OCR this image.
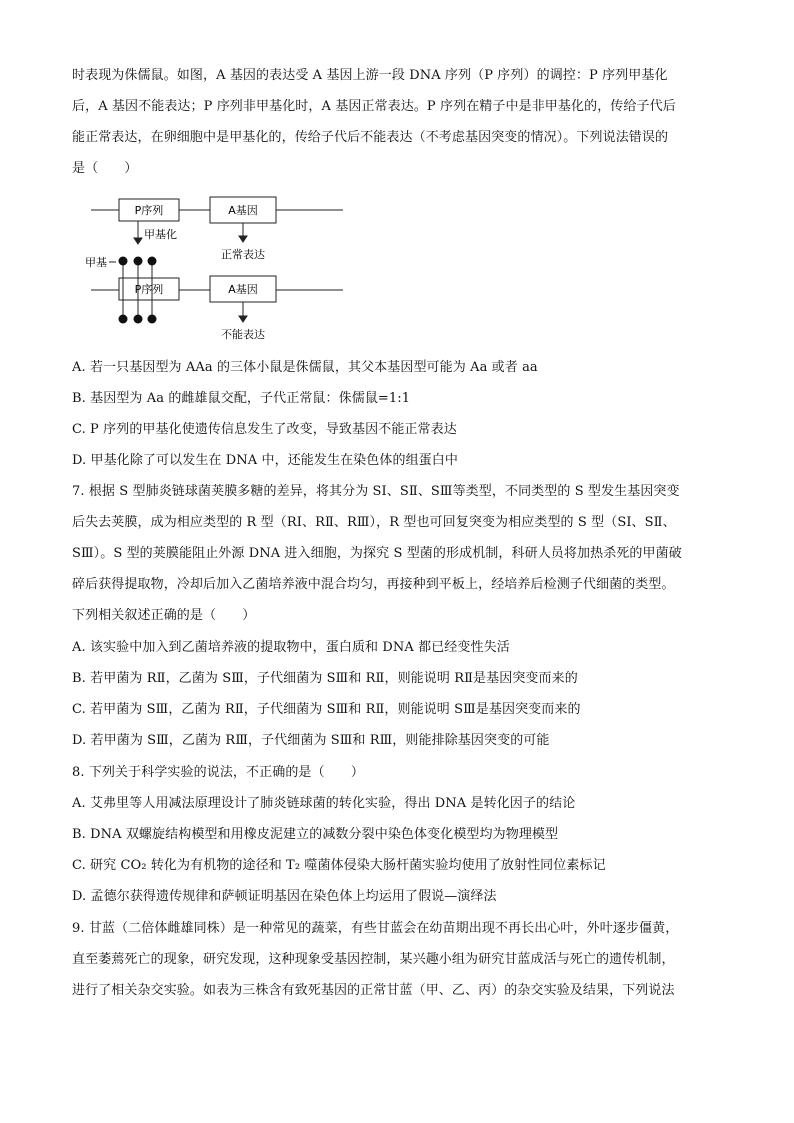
时表现为侏儒鼠。如图，A 基因的表达受 A 基因上游一段 DNA 序列（P 序列）的调控：P 序列甲基化
后，A 基因不能表达；P 序列非甲基化时，A 基因正常表达。P 序列在精子中是非甲基化的，传给子代后
能正常表达，在卵细胞中是甲基化的，传给子代后不能表达（不考虑基因突变的情况）。下列说法错误的
是（　　）
P序列	A基因
甲基化
正常表达
甲基
P序列	A基因
不能表达
A. 若一只基因型为 AAa 的三体小鼠是侏儒鼠，其父本基因型可能为 Aa 或者 aa
B. 基因型为 Aa 的雌雄鼠交配，子代正常鼠：侏儒鼠=1:1
C. P 序列的甲基化使遗传信息发生了改变，导致基因不能正常表达
D. 甲基化除了可以发生在 DNA 中，还能发生在染色体的组蛋白中
7. 根据 S 型肺炎链球菌荚膜多糖的差异，将其分为 SⅠ、SⅡ、SⅢ等类型，不同类型的 S 型发生基因突变
后失去荚膜，成为相应类型的 R 型（RⅠ、RⅡ、RⅢ），R 型也可回复突变为相应类型的 S 型（SⅠ、SⅡ、
SⅢ）。S 型的荚膜能阻止外源 DNA 进入细胞，为探究 S 型菌的形成机制，科研人员将加热杀死的甲菌破
碎后获得提取物，冷却后加入乙菌培养液中混合均匀，再接种到平板上，经培养后检测子代细菌的类型。
下列相关叙述正确的是（　　）
A. 该实验中加入到乙菌培养液的提取物中，蛋白质和 DNA 都已经变性失活
B. 若甲菌为 RⅡ，乙菌为 SⅢ，子代细菌为 SⅢ和 RⅡ，则能说明 RⅡ是基因突变而来的
C. 若甲菌为 SⅢ，乙菌为 RⅡ，子代细菌为 SⅢ和 RⅡ，则能说明 SⅢ是基因突变而来的
D. 若甲菌为 SⅢ，乙菌为 RⅢ，子代细菌为 SⅢ和 RⅢ，则能排除基因突变的可能
8. 下列关于科学实验的说法，不正确的是（　　）
A. 艾弗里等人用减法原理设计了肺炎链球菌的转化实验，得出 DNA 是转化因子的结论
B. DNA 双螺旋结构模型和用橡皮泥建立的减数分裂中染色体变化模型均为物理模型
C. 研究 CO₂ 转化为有机物的途径和 T₂ 噬菌体侵染大肠杆菌实验均使用了放射性同位素标记
D. 孟德尔获得遗传规律和萨顿证明基因在染色体上均运用了假说—演绎法
9. 甘蓝（二倍体雌雄同株）是一种常见的蔬菜，有些甘蓝会在幼苗期出现不再长出心叶，外叶逐步僵黄，
直至萎蔫死亡的现象，研究发现，这种现象受基因控制，某兴趣小组为研究甘蓝成活与死亡的遗传机制，
进行了相关杂交实验。如表为三株含有致死基因的正常甘蓝（甲、乙、丙）的杂交实验及结果，下列说法
